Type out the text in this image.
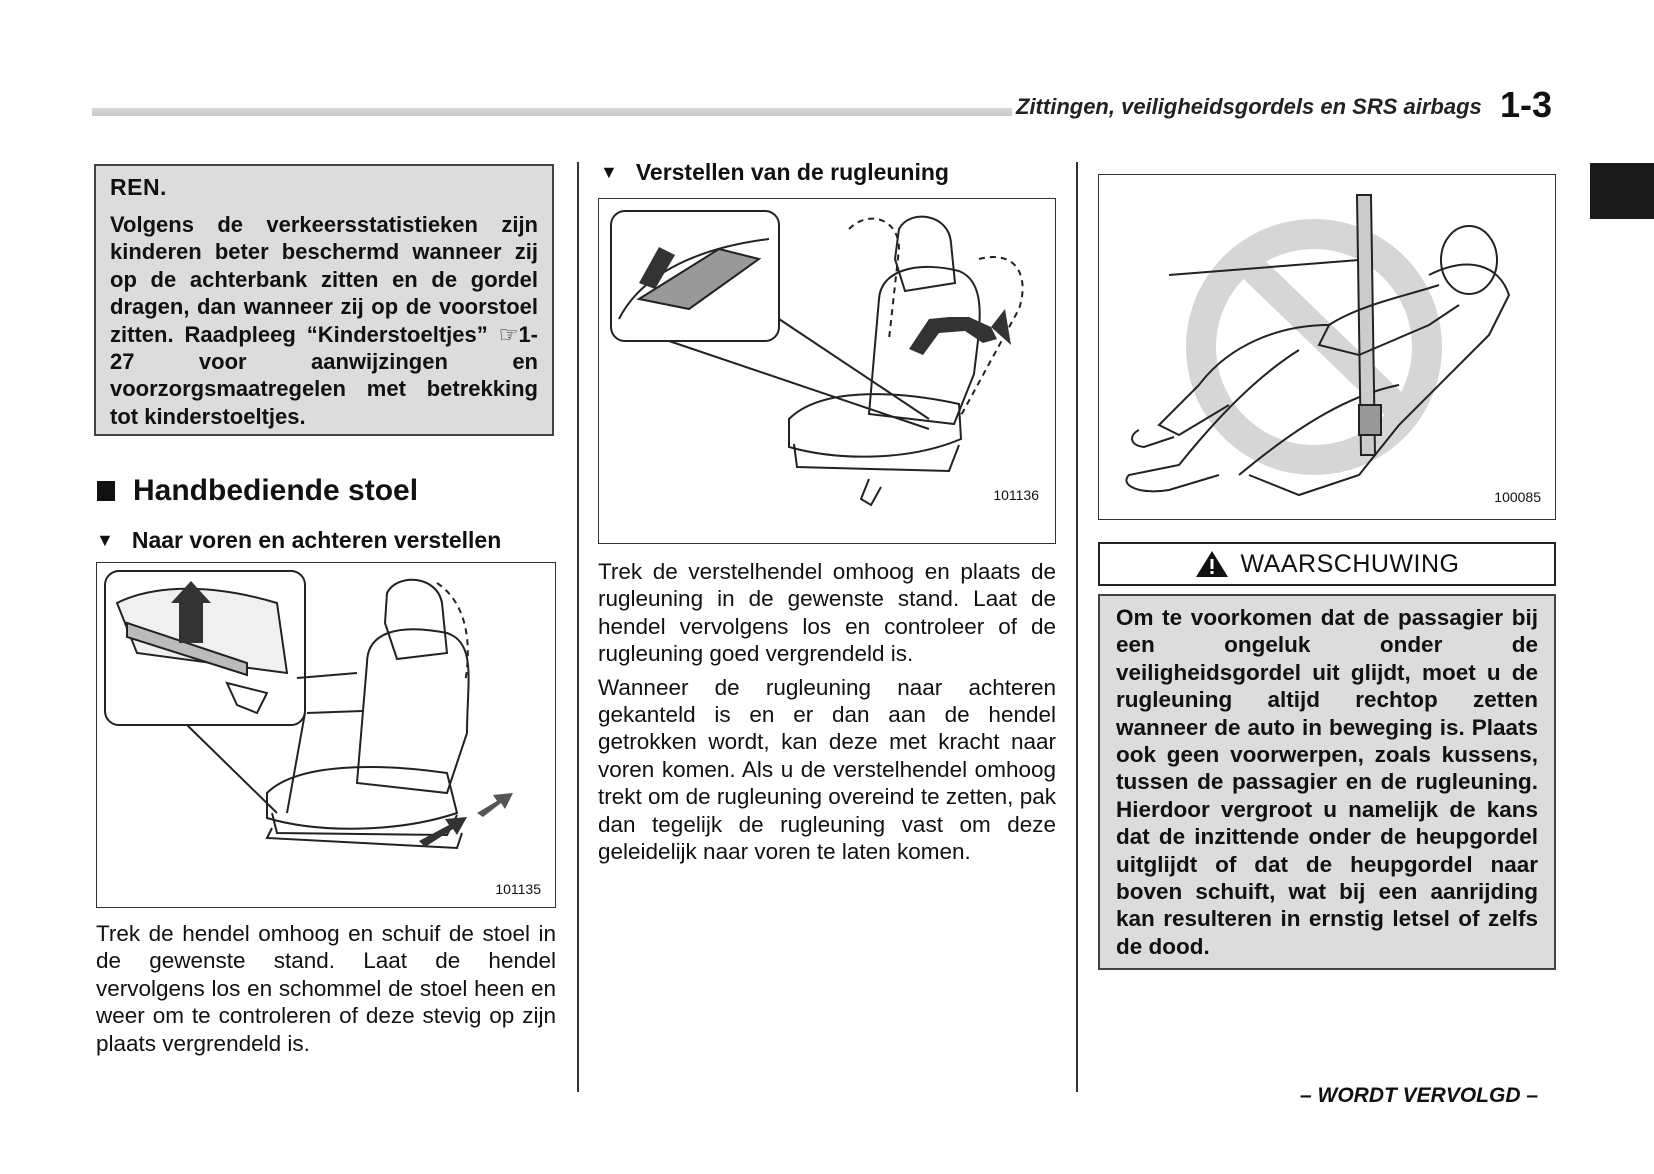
Zittingen, veiligheidsgordels en SRS airbags 1-3
REN.
Volgens de verkeersstatistieken zijn kinderen beter beschermd wanneer zij op de achterbank zitten en de gordel dragen, dan wanneer zij op de voorstoel zitten. Raadpleeg “Kinderstoeltjes” ☞1-27 voor aanwijzingen en voorzorgsmaatregelen met betrekking tot kinderstoeltjes.
Handbediende stoel
▼ Naar voren en achteren verstellen
101135
Trek de hendel omhoog en schuif de stoel in de gewenste stand. Laat de hendel vervolgens los en schommel de stoel heen en weer om te controleren of deze stevig op zijn plaats vergrendeld is.
▼ Verstellen van de rugleuning
101136
Trek de verstelhendel omhoog en plaats de rugleuning in de gewenste stand. Laat de hendel vervolgens los en controleer of de rugleuning goed vergrendeld is.
Wanneer de rugleuning naar achteren gekanteld is en er dan aan de hendel getrokken wordt, kan deze met kracht naar voren komen. Als u de verstelhendel omhoog trekt om de rugleuning overeind te zetten, pak dan tegelijk de rugleuning vast om deze geleidelijk naar voren te laten komen.
100085
WAARSCHUWING
Om te voorkomen dat de passagier bij een ongeluk onder de veiligheidsgordel uit glijdt, moet u de rugleuning altijd rechtop zetten wanneer de auto in beweging is. Plaats ook geen voorwerpen, zoals kussens, tussen de passagier en de rugleuning. Hierdoor vergroot u namelijk de kans dat de inzittende onder de heupgordel uitglijdt of dat de heupgordel naar boven schuift, wat bij een aanrijding kan resulteren in ernstig letsel of zelfs de dood.
– WORDT VERVOLGD –
